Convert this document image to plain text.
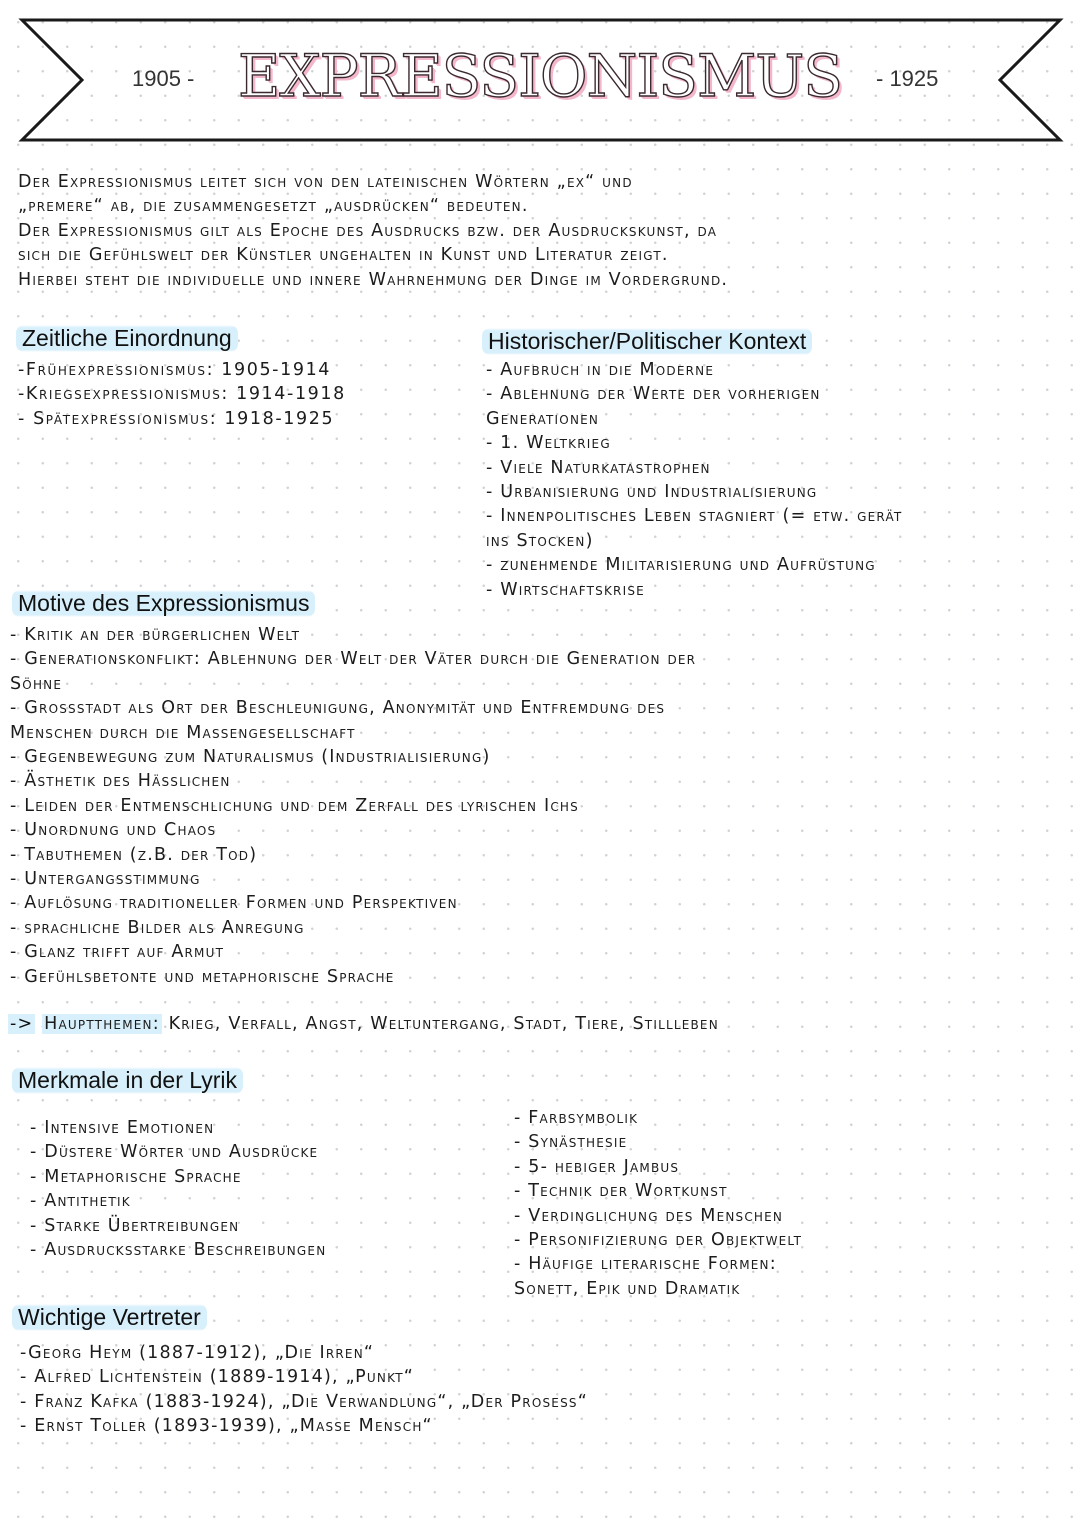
1905 - EXPRESSIONISMUS	- 1925
Der Expressionismus leitet sich von den lateinischen Wörtern „ex“ und
„premere“ ab, die zusammengesetzt „ausdrücken“ bedeuten.
Der Expressionismus gilt als Epoche des Ausdrucks bzw. der Ausdruckskunst, da
sich die Gefühlswelt der Künstler ungehalten in Kunst und Literatur zeigt.
Hierbei steht die individuelle und innere Wahrnehmung der Dinge im Vordergrund.
Zeitliche Einordnung
-Frühexpressionismus: 1905-1914
-Kriegsexpressionismus: 1914-1918
- Spätexpressionismus: 1918-1925
Historischer/Politischer Kontext
- Aufbruch in die Moderne
- Ablehnung der Werte der vorherigen
Generationen
- 1. Weltkrieg
- Viele Naturkatastrophen
- Urbanisierung und Industrialisierung
- Innenpolitisches Leben stagniert (= etw. gerät
ins Stocken)
- zunehmende Militarisierung und Aufrüstung
- Wirtschaftskrise
Motive des Expressionismus
- Kritik an der bürgerlichen Welt
- Generationskonflikt: Ablehnung der Welt der Väter durch die Generation der
Söhne
- Grossstadt als Ort der Beschleunigung, Anonymität und Entfremdung des
Menschen durch die Massengesellschaft
- Gegenbewegung zum Naturalismus (Industrialisierung)
- Ästhetik des Hässlichen
- Leiden der Entmenschlichung und dem Zerfall des lyrischen Ichs
- Unordnung und Chaos
- Tabuthemen (z.B. der Tod)
- Untergangsstimmung
- Auflösung traditioneller Formen und Perspektiven
- sprachliche Bilder als Anregung
- Glanz trifft auf Armut
- Gefühlsbetonte und metaphorische Sprache
-> Hauptthemen: Krieg, Verfall, Angst, Weltuntergang, Stadt, Tiere, Stillleben
Merkmale in der Lyrik
- Intensive Emotionen
- Düstere Wörter und Ausdrücke
- Metaphorische Sprache
- Antithetik
- Starke Übertreibungen
- Ausdrucksstarke Beschreibungen
- Farbsymbolik
- Synästhesie
- 5- hebiger Jambus
- Technik der Wortkunst
- Verdinglichung des Menschen
- Personifizierung der Objektwelt
- Häufige literarische Formen:
Sonett, Epik und Dramatik
Wichtige Vertreter
-Georg Heym (1887-1912), „Die Irren“
- Alfred Lichtenstein (1889-1914), „Punkt“
- Franz Kafka (1883-1924), „Die Verwandlung“, „Der Prosess“
- Ernst Toller (1893-1939), „Masse Mensch“
